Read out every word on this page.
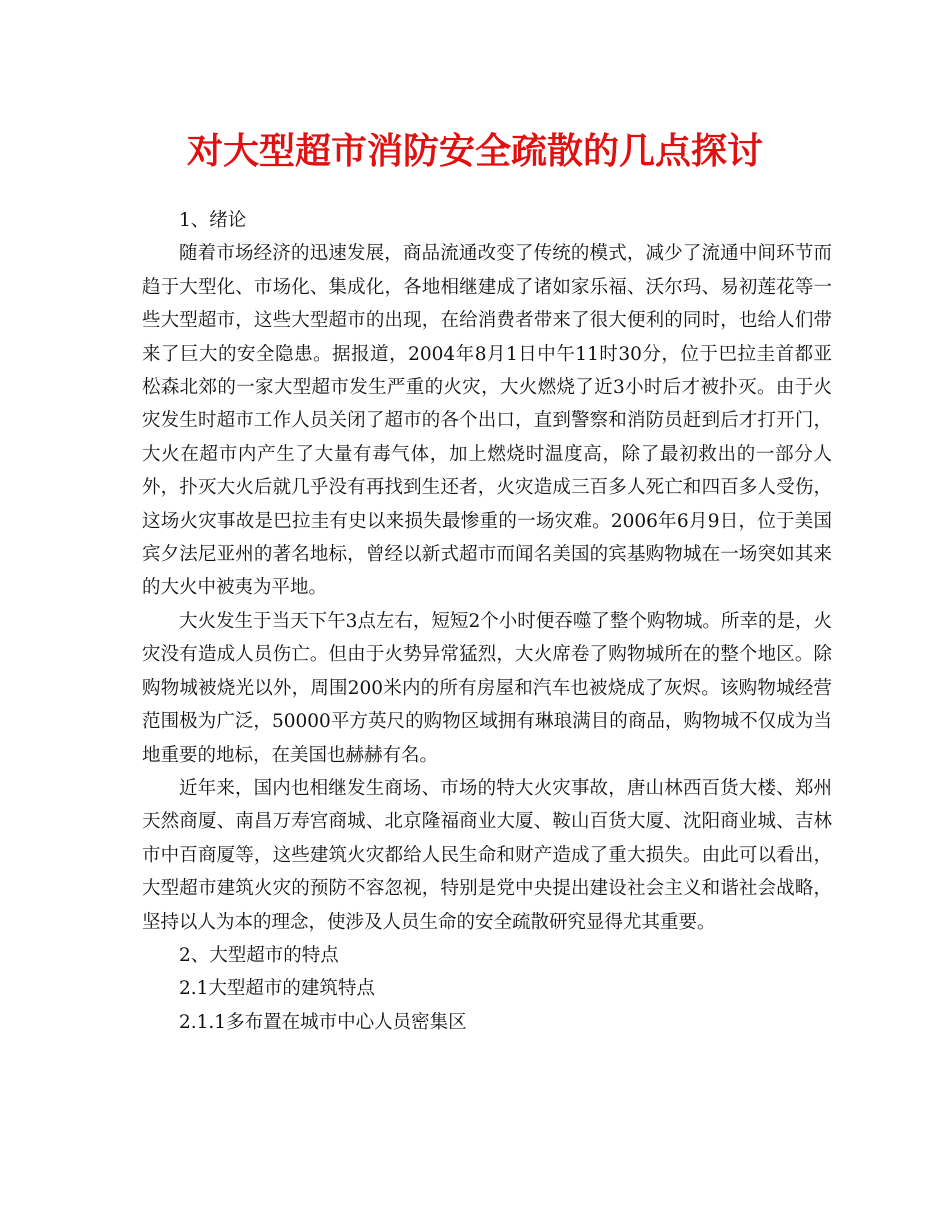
对大型超市消防安全疏散的几点探讨

1、绪论

随着市场经济的迅速发展，商品流通改变了传统的模式，减少了流通中间环节而趋于大型化、市场化、集成化，各地相继建成了诸如家乐福、沃尔玛、易初莲花等一些大型超市，这些大型超市的出现，在给消费者带来了很大便利的同时，也给人们带来了巨大的安全隐患。据报道，2004年8月1日中午11时30分，位于巴拉圭首都亚松森北郊的一家大型超市发生严重的火灾，大火燃烧了近3小时后才被扑灭。由于火灾发生时超市工作人员关闭了超市的各个出口，直到警察和消防员赶到后才打开门，大火在超市内产生了大量有毒气体，加上燃烧时温度高，除了最初救出的一部分人外，扑灭大火后就几乎没有再找到生还者，火灾造成三百多人死亡和四百多人受伤，这场火灾事故是巴拉圭有史以来损失最惨重的一场灾难。2006年6月9日，位于美国宾夕法尼亚州的著名地标，曾经以新式超市而闻名美国的宾基购物城在一场突如其来的大火中被夷为平地。

大火发生于当天下午3点左右，短短2个小时便吞噬了整个购物城。所幸的是，火灾没有造成人员伤亡。但由于火势异常猛烈，大火席卷了购物城所在的整个地区。除购物城被烧光以外，周围200米内的所有房屋和汽车也被烧成了灰烬。该购物城经营范围极为广泛，50000平方英尺的购物区域拥有琳琅满目的商品，购物城不仅成为当地重要的地标，在美国也赫赫有名。

近年来，国内也相继发生商场、市场的特大火灾事故，唐山林西百货大楼、郑州天然商厦、南昌万寿宫商城、北京隆福商业大厦、鞍山百货大厦、沈阳商业城、吉林市中百商厦等，这些建筑火灾都给人民生命和财产造成了重大损失。由此可以看出，大型超市建筑火灾的预防不容忽视，特别是党中央提出建设社会主义和谐社会战略，坚持以人为本的理念，使涉及人员生命的安全疏散研究显得尤其重要。

2、大型超市的特点

2.1大型超市的建筑特点

2.1.1多布置在城市中心人员密集区
